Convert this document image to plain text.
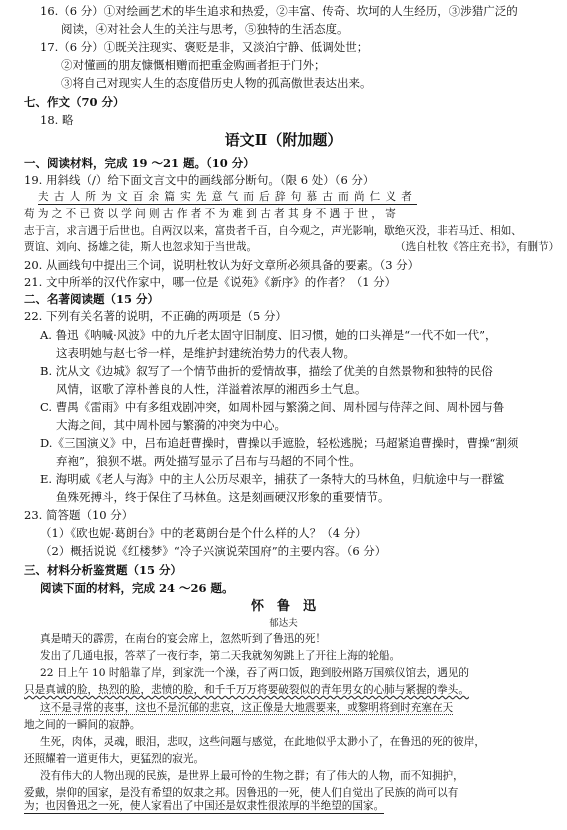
16.（6 分）①对绘画艺术的毕生追求和热爱，②丰富、传奇、坎坷的人生经历，③涉猎广泛的
阅读，④对社会人生的关注与思考，⑤独特的生活态度。
17.（6 分）①既关注现实、褒贬是非，又淡泊宁静、低调处世；
②对懂画的朋友慷慨相赠而把重金购画者拒于门外；
③将自己对现实人生的态度借历史人物的孤高傲世表达出来。
七、作文（70 分）
18. 略
语文Ⅱ（附加题）
一、阅读材料，完成 19 ～21 题。（10 分）
19. 用斜线（/）给下面文言文中的画线部分断句。（限 6 处）（6 分）
夫古人所为文百余篇实先意气而后辞句慕古而尚仁义者
苟为之不已资以学问则古作者不为难到古者其身不遇于世，寄
志于言，求言遇于后世也。自两汉以来，富贵者千百，自今观之，声光影响，歇绝灭没，非若马迁、相如、
贾谊、刘向、扬雄之徒，斯人也忽求知于当世哉。	（选自杜牧《答庄充书》，有删节）
20. 从画线句中提出三个词，说明杜牧认为好文章所必须具备的要素。（3 分）
21. 文中所举的汉代作家中，哪一位是《说苑》《新序》的作者？（1 分）
二、名著阅读题（15 分）
22. 下列有关名著的说明，不正确的两项是（5 分）
A. 鲁迅《呐喊·风波》中的九斤老太固守旧制度、旧习惯，她的口头禅是“一代不如一代”，
这表明她与赵七爷一样，是维护封建统治势力的代表人物。
B. 沈从文《边城》叙写了一个情节曲折的爱情故事，描绘了优美的自然景物和独特的民俗
风情，讴歌了淳朴善良的人性，洋溢着浓厚的湘西乡土气息。
C. 曹禺《雷雨》中有多组戏剧冲突，如周朴园与繁漪之间、周朴园与侍萍之间、周朴园与鲁
大海之间，其中周朴园与繁漪的冲突为中心。
D.《三国演义》中，吕布追赶曹操时，曹操以手遮脸，轻松逃脱；马超紧追曹操时，曹操“割须
弃袍”，狼狈不堪。两处描写显示了吕布与马超的不同个性。
E. 海明威《老人与海》中的主人公历尽艰辛，捕获了一条特大的马林鱼，归航途中与一群鲨
鱼殊死搏斗，终于保住了马林鱼。这是刻画硬汉形象的重要情节。
23. 简答题（10 分）
（1）《欧也妮·葛朗台》中的老葛朗台是个什么样的人？（4 分）
（2）概括说说《红楼梦》“冷子兴演说荣国府”的主要内容。（6 分）
三、材料分析鉴赏题（15 分）
阅读下面的材料，完成 24 ～26 题。
怀　鲁　迅
郁达夫
真是晴天的霹雳，在南台的宴会席上，忽然听到了鲁迅的死！
发出了几通电报，答萃了一夜行李，第二天我就匆匆跳上了开往上海的轮船。
22 日上午 10 时船靠了岸，到家洗一个澡，吞了两口饭，跑到胶州路万国殡仪馆去，遇见的
只是真诚的脸，热烈的脸，悲愤的脸，和千千万万将要破裂似的青年男女的心肺与紧握的拳头。
这不是寻常的丧事，这也不是沉郁的悲哀，这正像是大地震要来，或黎明将到时充塞在天
地之间的一瞬间的寂静。
生死，肉体，灵魂，眼泪，悲叹，这些问题与感觉，在此地似乎太渺小了，在鲁迅的死的彼岸，
还照耀着一道更伟大，更猛烈的寂光。
没有伟大的人物出现的民族，是世界上最可怜的生物之群；有了伟大的人物，而不知拥护，
爱戴，崇仰的国家，是没有希望的奴隶之邦。因鲁迅的一死，使人们自觉出了民族的尚可以有
为；也因鲁迅之一死，使人家看出了中国还是奴隶性很浓厚的半绝望的国家。
